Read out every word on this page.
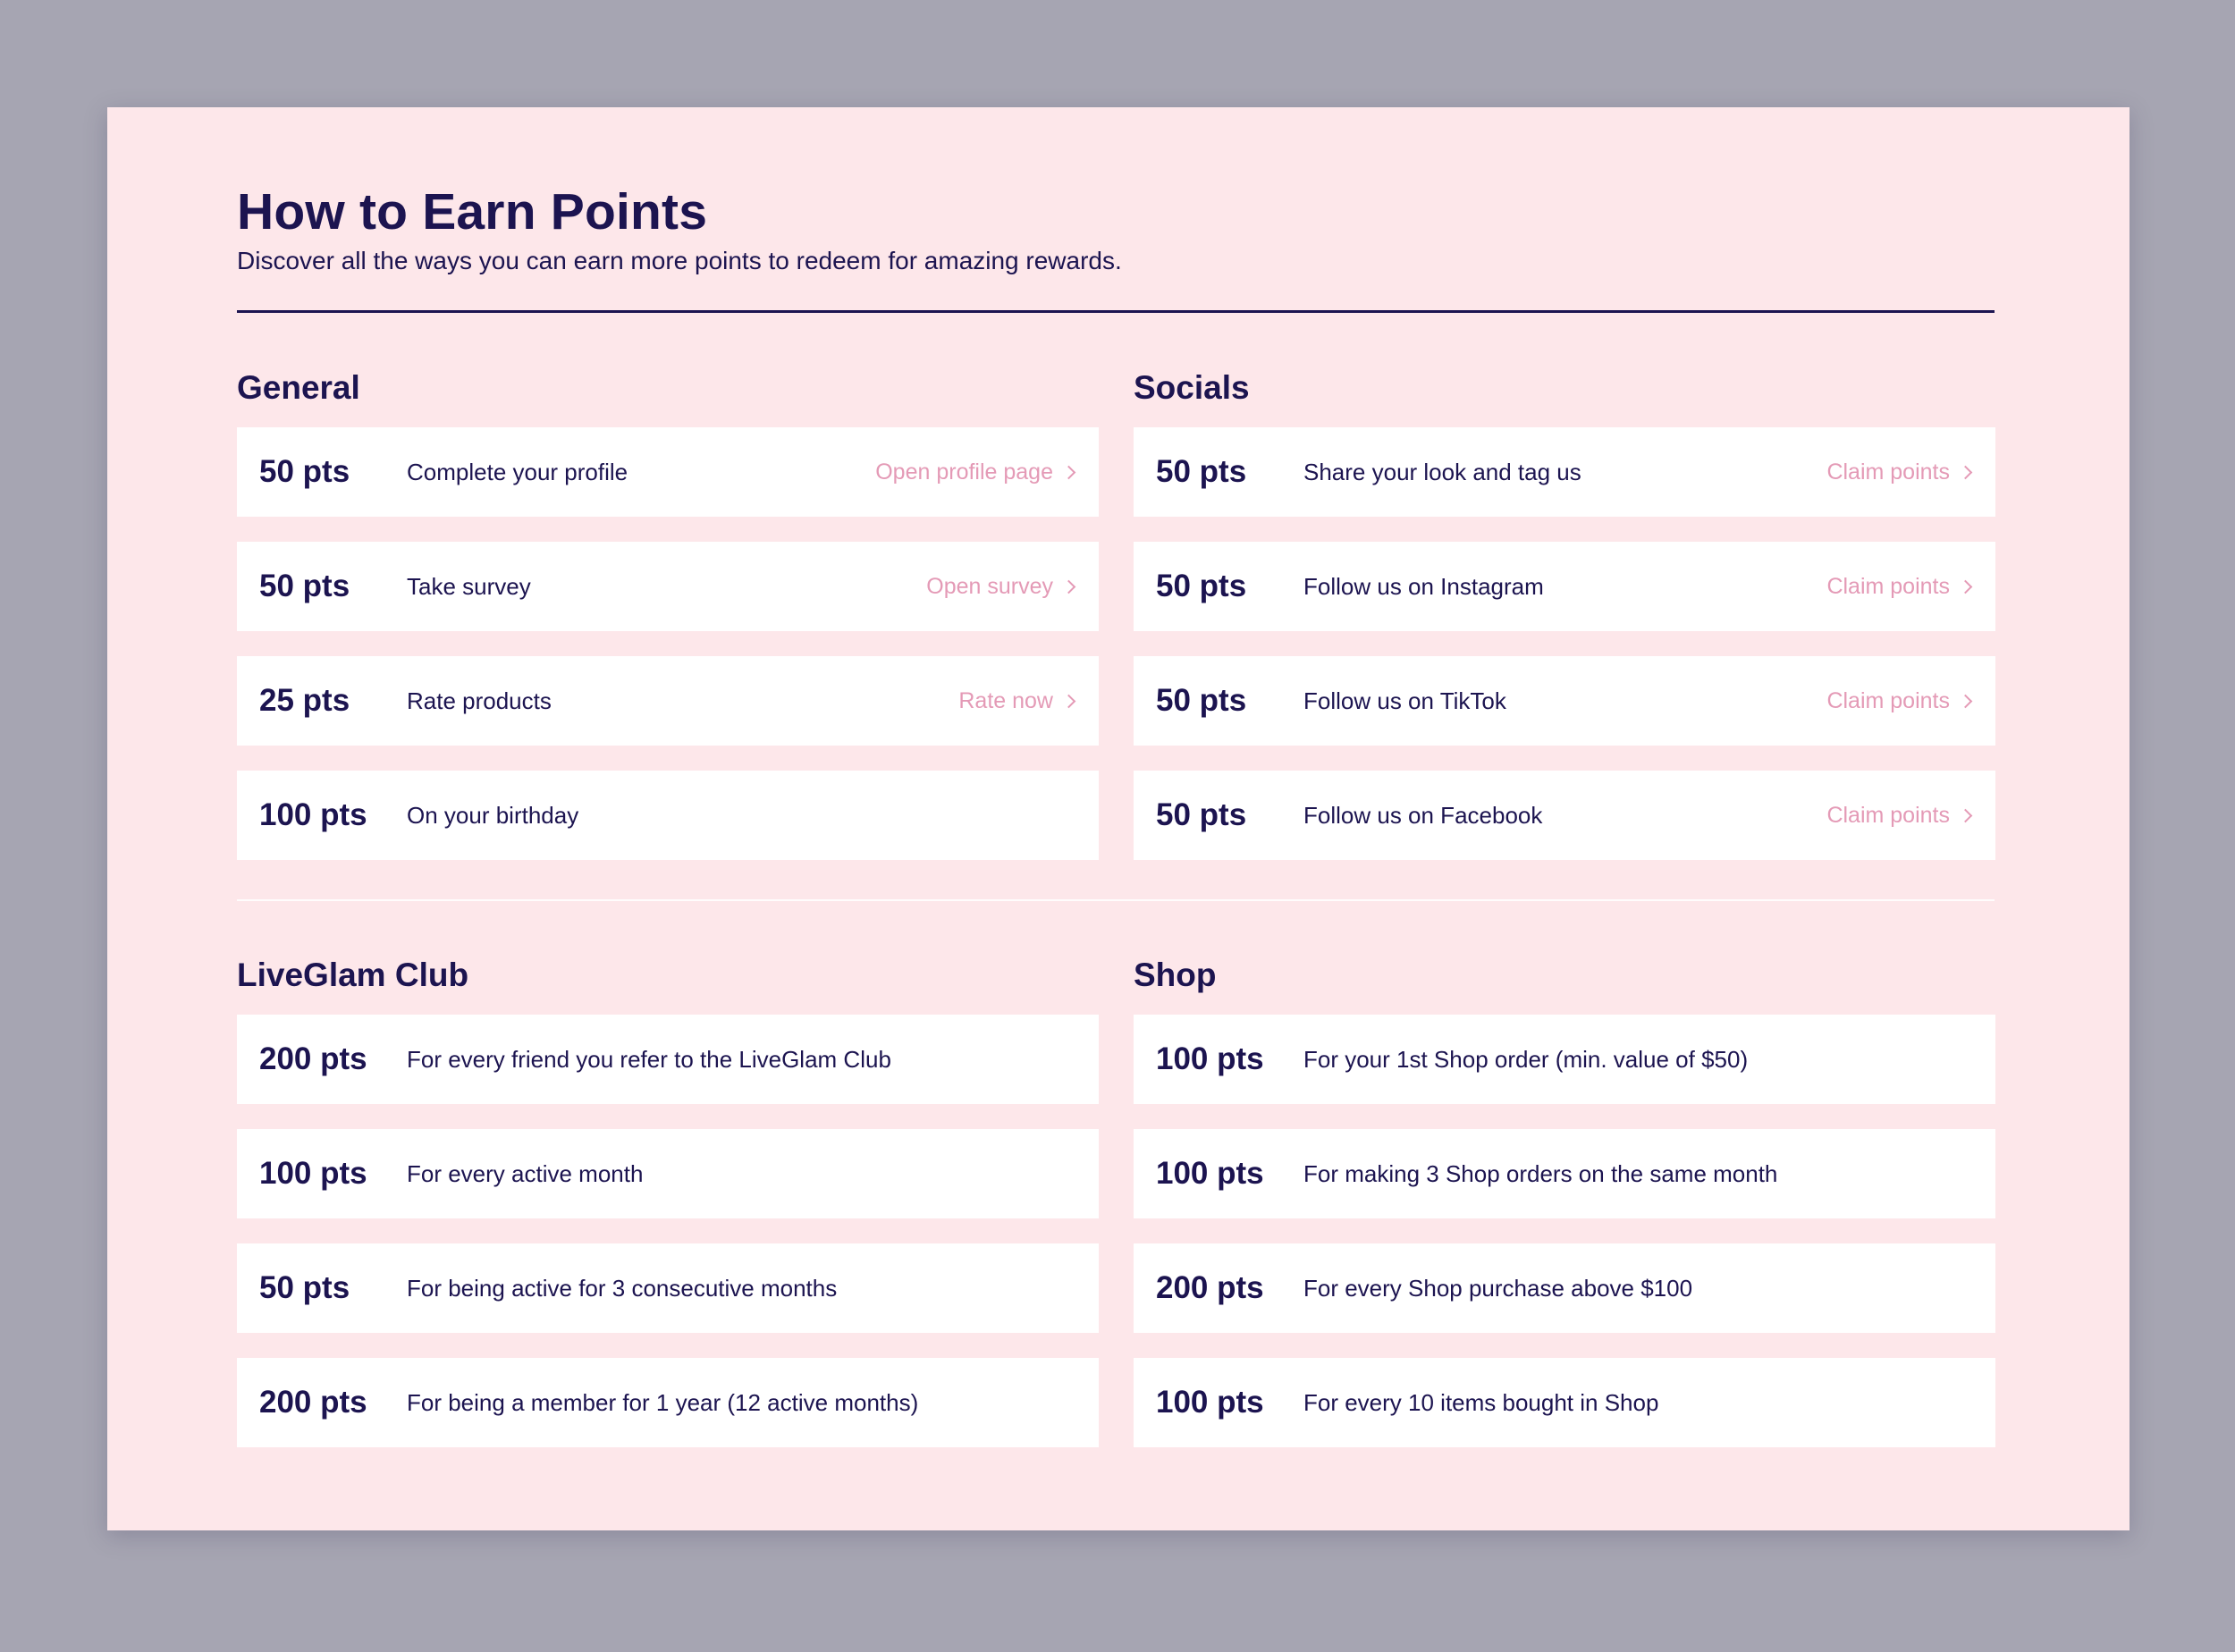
How to Earn Points

Discover all the ways you can earn more points to redeem for amazing rewards.

General
50 pts Complete your profile	Open profile page
50 pts Take survey	Open survey
25 pts Rate products	Rate now
100 pts On your birthday
Socials
50 pts Share your look and tag us	Claim points
50 pts Follow us on Instagram	Claim points
50 pts Follow us on TikTok	Claim points
50 pts Follow us on Facebook	Claim points
LiveGlam Club
200 pts For every friend you refer to the LiveGlam Club
100 pts For every active month
50 pts For being active for 3 consecutive months
200 pts For being a member for 1 year (12 active months)
Shop
100 pts For your 1st Shop order (min. value of $50)
100 pts For making 3 Shop orders on the same month
200 pts For every Shop purchase above $100
100 pts For every 10 items bought in Shop
